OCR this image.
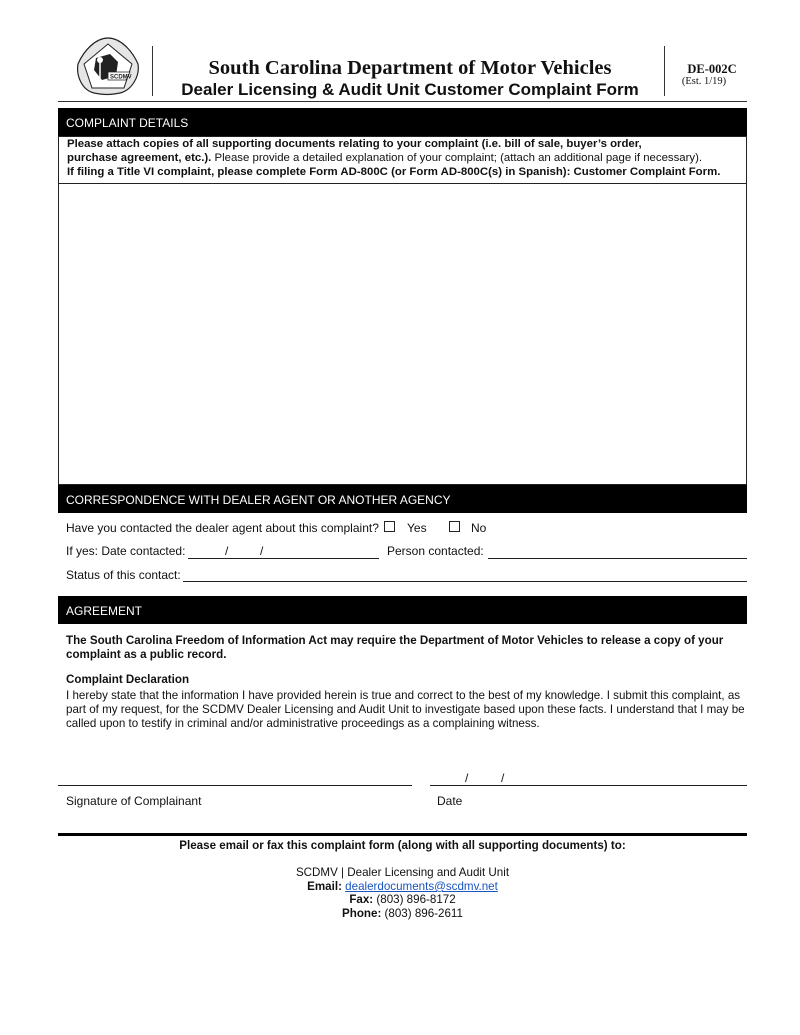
SCDMV	South Carolina Department of Motor Vehicles
Dealer Licensing & Audit Unit Customer Complaint Form
DE-002C
(Est. 1/19)
COMPLAINT DETAILS
Please attach copies of all supporting documents relating to your complaint (i.e. bill of sale, buyer’s order,
purchase agreement, etc.). Please provide a detailed explanation of your complaint; (attach an additional page if necessary).
If filing a Title VI complaint, please complete Form AD-800C (or Form AD-800C(s) in Spanish): Customer Complaint Form.
CORRESPONDENCE WITH DEALER AGENT OR ANOTHER AGENCY
Have you contacted the dealer agent about this complaint? Yes	No
If yes: Date contacted:	/	/	Person contacted:
Status of this contact:
AGREEMENT
The South Carolina Freedom of Information Act may require the Department of Motor Vehicles to release a copy of your complaint as a public record.
Complaint Declaration
I hereby state that the information I have provided herein is true and correct to the best of my knowledge. I submit this complaint, as part of my request, for the SCDMV Dealer Licensing and Audit Unit to investigate based upon these facts. I understand that I may be called upon to testify in criminal and/or administrative proceedings as a complaining witness.
/	/
Signature of Complainant	Date
Please email or fax this complaint form (along with all supporting documents) to:
SCDMV | Dealer Licensing and Audit Unit
Email: dealerdocuments@scdmv.net
Fax: (803) 896-8172
Phone: (803) 896-2611
